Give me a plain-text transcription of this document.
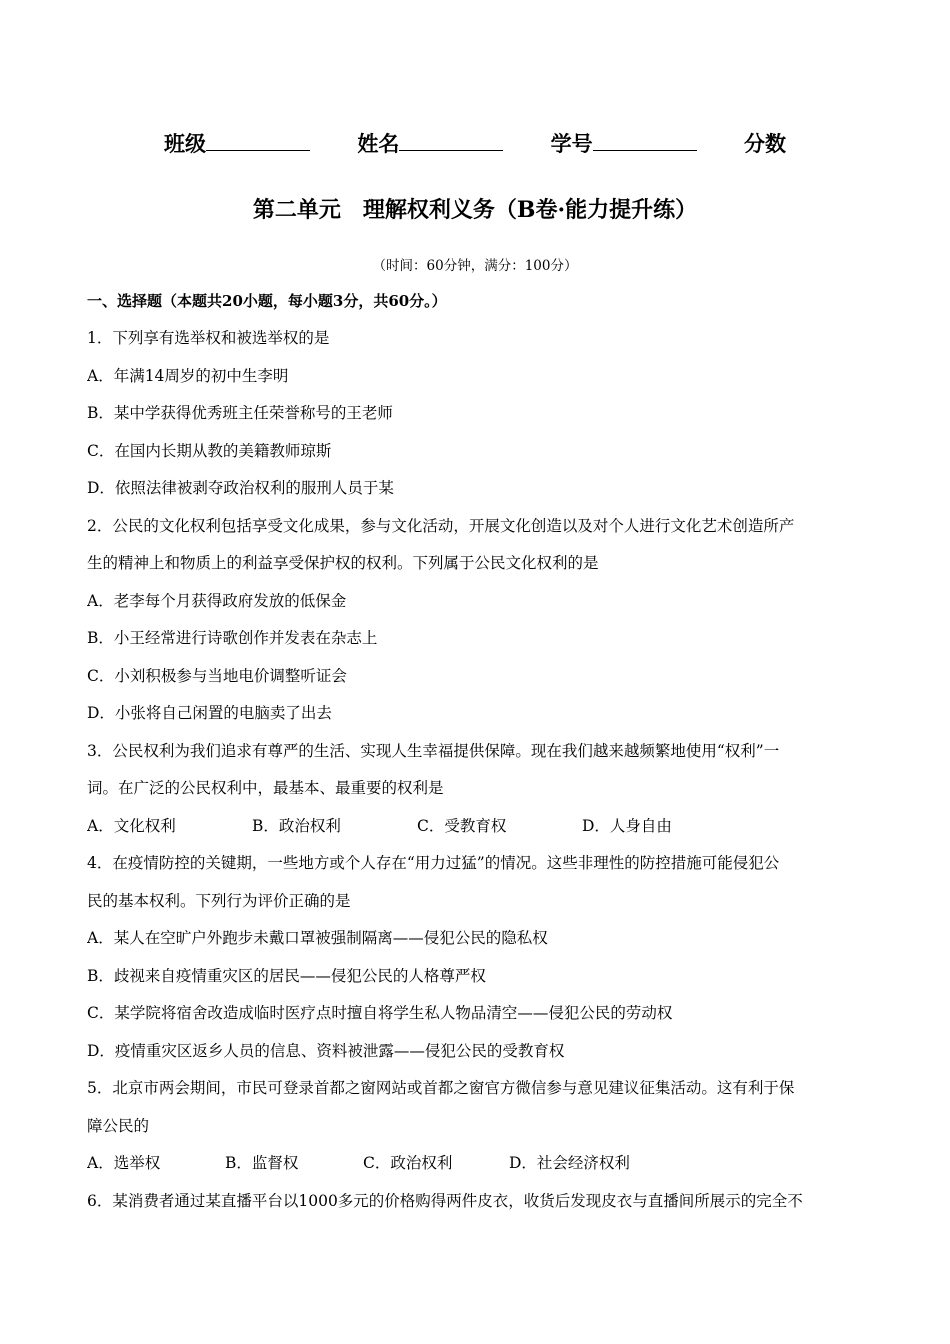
班级	姓名	学号	分数
第二单元　理解权利义务（B卷·能力提升练）
（时间：60分钟，满分：100分）
一、选择题（本题共20小题，每小题3分，共60分。）
1．下列享有选举权和被选举权的是
A．年满14周岁的初中生李明
B．某中学获得优秀班主任荣誉称号的王老师
C．在国内长期从教的美籍教师琼斯
D．依照法律被剥夺政治权利的服刑人员于某
2．公民的文化权利包括享受文化成果，参与文化活动，开展文化创造以及对个人进行文化艺术创造所产
生的精神上和物质上的利益享受保护权的权利。下列属于公民文化权利的是
A．老李每个月获得政府发放的低保金
B．小王经常进行诗歌创作并发表在杂志上
C．小刘积极参与当地电价调整听证会
D．小张将自己闲置的电脑卖了出去
3．公民权利为我们追求有尊严的生活、实现人生幸福提供保障。现在我们越来越频繁地使用“权利”一
词。在广泛的公民权利中，最基本、最重要的权利是
A．文化权利	B．政治权利	C．受教育权	D．人身自由
4．在疫情防控的关键期，一些地方或个人存在“用力过猛”的情况。这些非理性的防控措施可能侵犯公
民的基本权利。下列行为评价正确的是
A．某人在空旷户外跑步未戴口罩被强制隔离——侵犯公民的隐私权
B．歧视来自疫情重灾区的居民——侵犯公民的人格尊严权
C．某学院将宿舍改造成临时医疗点时擅自将学生私人物品清空——侵犯公民的劳动权
D．疫情重灾区返乡人员的信息、资料被泄露——侵犯公民的受教育权
5．北京市两会期间，市民可登录首都之窗网站或首都之窗官方微信参与意见建议征集活动。这有利于保
障公民的
A．选举权	B．监督权	C．政治权利	D．社会经济权利
6．某消费者通过某直播平台以1000多元的价格购得两件皮衣，收货后发现皮衣与直播间所展示的完全不
